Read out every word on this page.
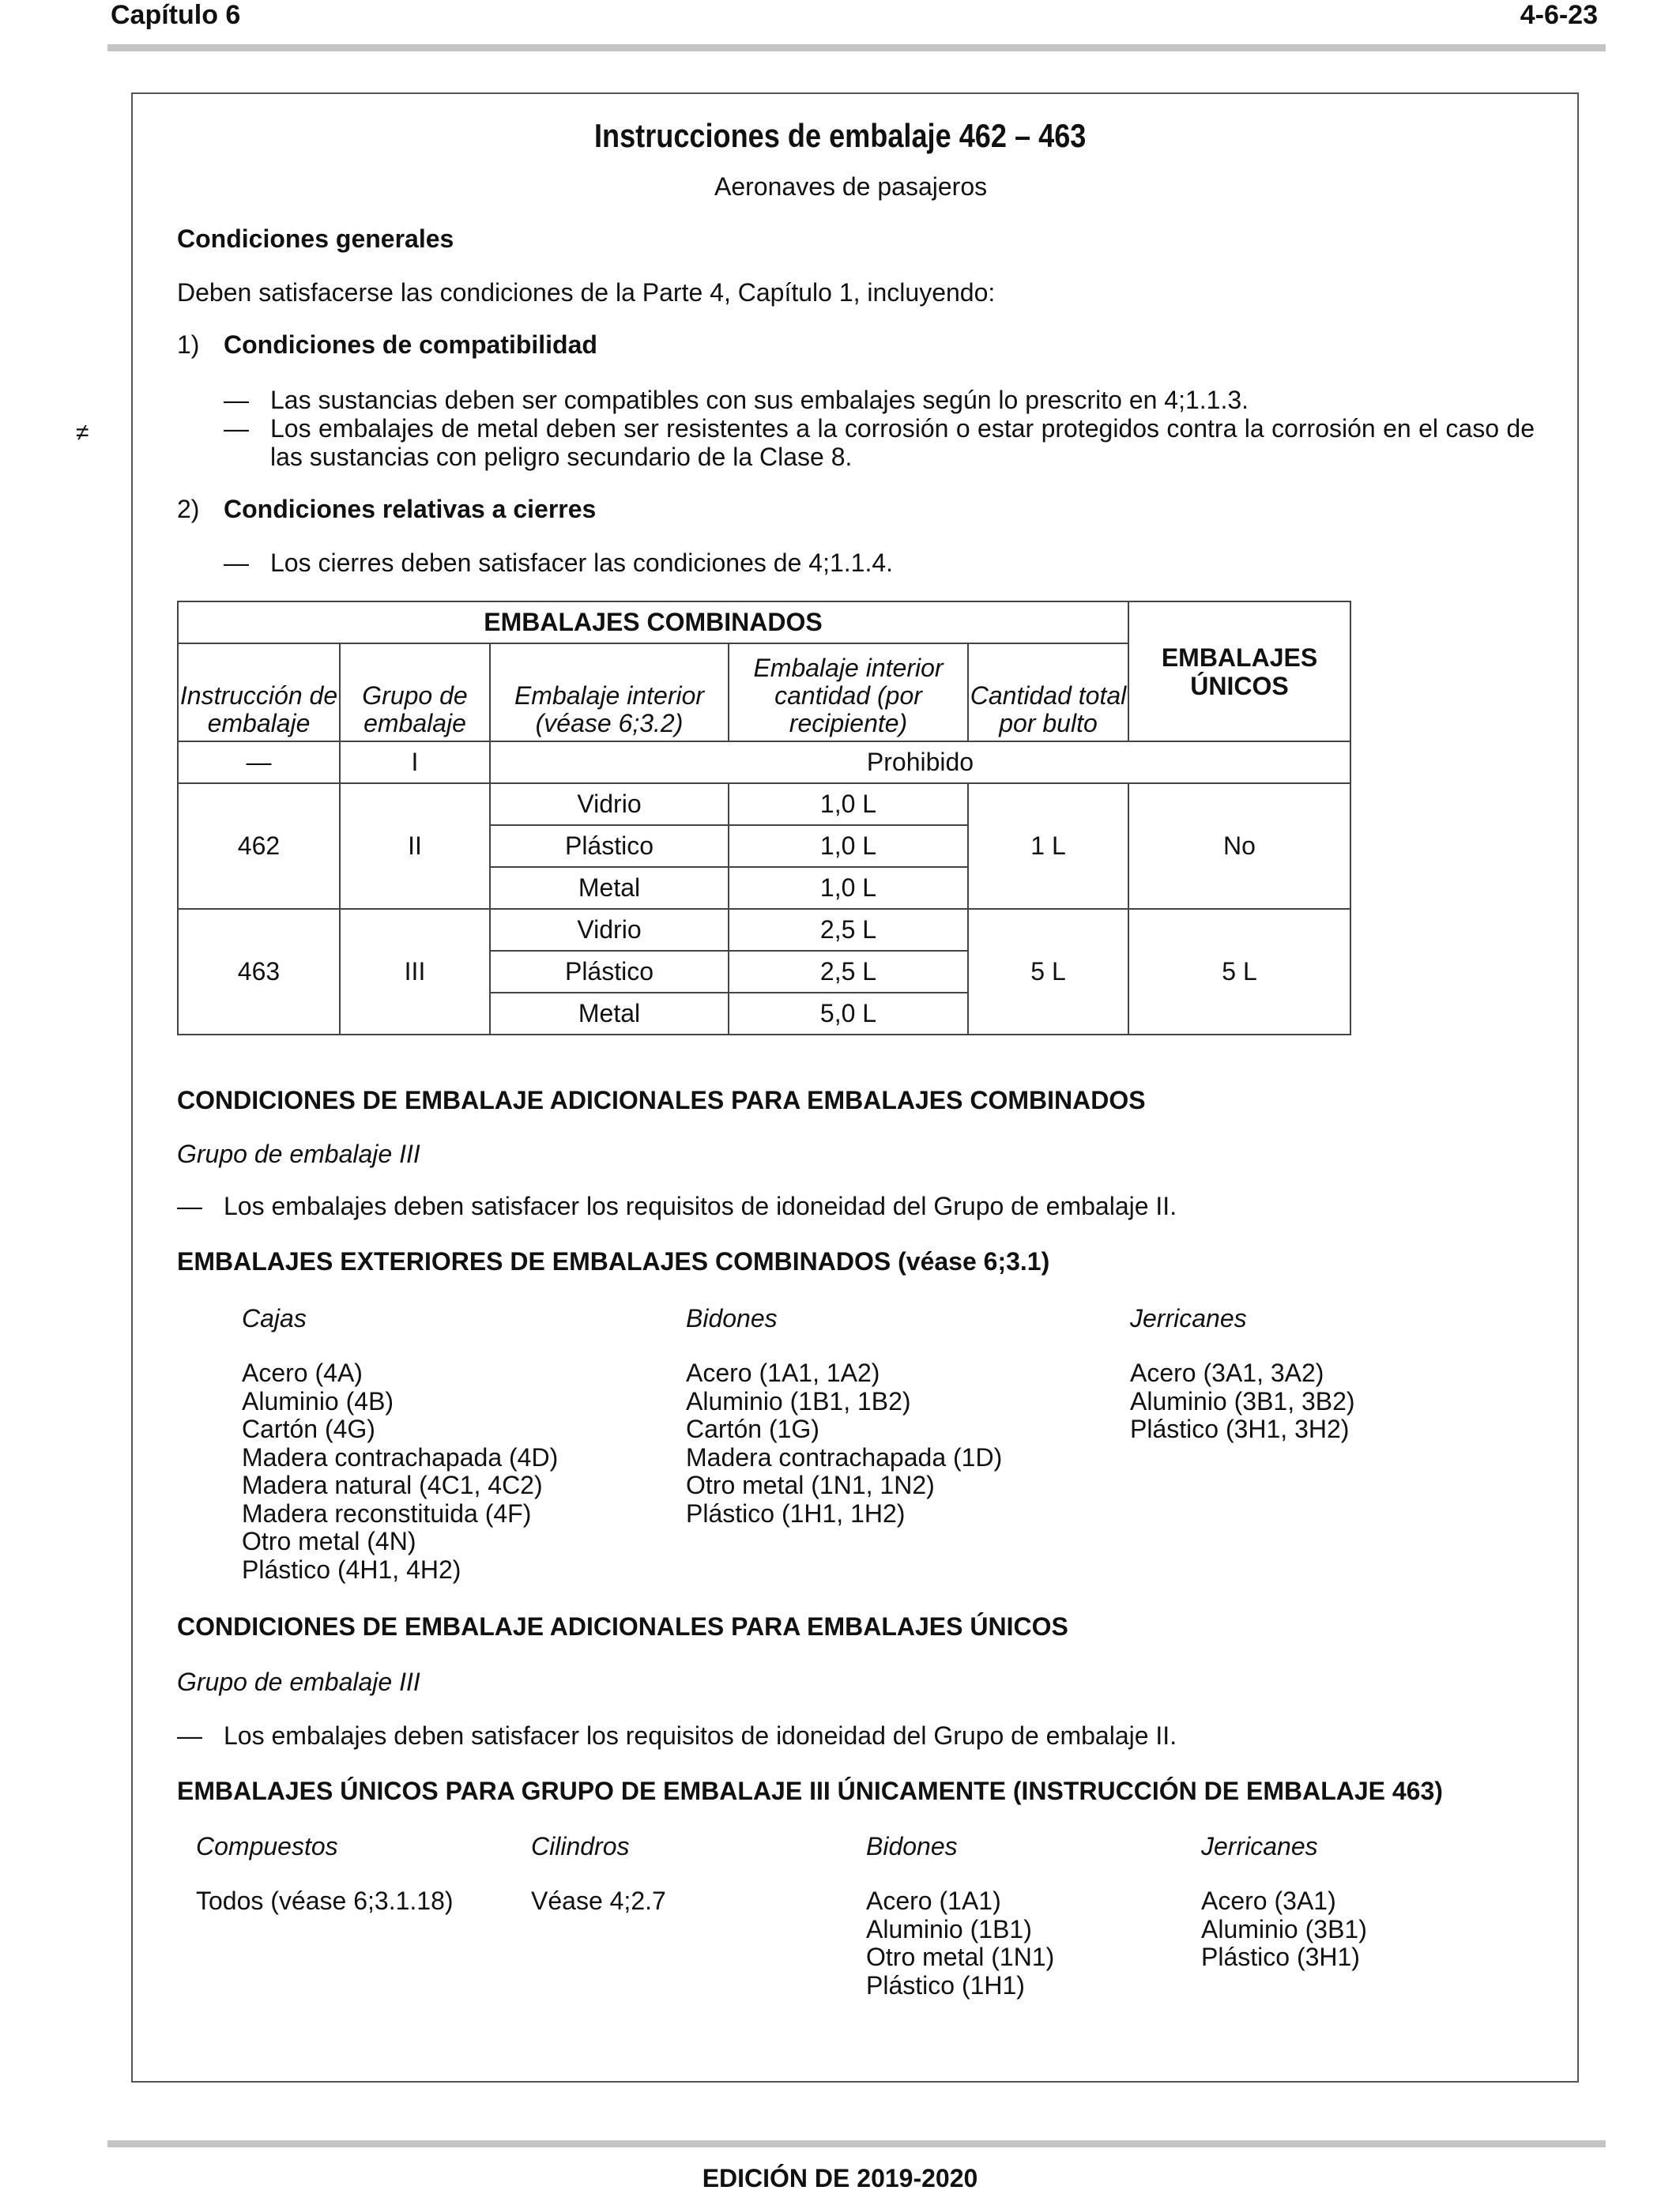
Capítulo 6	4-6-23
≠
Instrucciones de embalaje 462 – 463
Aeronaves de pasajeros
Condiciones generales
Deben satisfacerse las condiciones de la Parte 4, Capítulo 1, incluyendo:
1) Condiciones de compatibilidad
— Las sustancias deben ser compatibles con sus embalajes según lo prescrito en 4;1.1.3.
— Los embalajes de metal deben ser resistentes a la corrosión o estar protegidos contra la corrosión en el caso de las sustancias con peligro secundario de la Clase 8.
2) Condiciones relativas a cierres
— Los cierres deben satisfacer las condiciones de 4;1.1.4.
EMBALAJES COMBINADOS					EMBALAJES ÚNICOS
Instrucción de embalaje	Grupo de embalaje	Embalaje interior (véase 6;3.2)	Embalaje interior cantidad (por recipiente)	Cantidad total por bulto	
—	I	Prohibido			
462	II	Vidrio	1,0 L	1 L	No
		Plástico	1,0 L		
		Metal	1,0 L		
463	III	Vidrio	2,5 L	5 L	5 L
		Plástico	2,5 L		
		Metal	5,0 L		
CONDICIONES DE EMBALAJE ADICIONALES PARA EMBALAJES COMBINADOS
Grupo de embalaje III
— Los embalajes deben satisfacer los requisitos de idoneidad del Grupo de embalaje II.
EMBALAJES EXTERIORES DE EMBALAJES COMBINADOS (véase 6;3.1)
Cajas
Acero (4A)
Aluminio (4B)
Cartón (4G)
Madera contrachapada (4D)
Madera natural (4C1, 4C2)
Madera reconstituida (4F)
Otro metal (4N)
Plástico (4H1, 4H2)
Bidones
Acero (1A1, 1A2)
Aluminio (1B1, 1B2)
Cartón (1G)
Madera contrachapada (1D)
Otro metal (1N1, 1N2)
Plástico (1H1, 1H2)
Jerricanes
Acero (3A1, 3A2)
Aluminio (3B1, 3B2)
Plástico (3H1, 3H2)
CONDICIONES DE EMBALAJE ADICIONALES PARA EMBALAJES ÚNICOS
Grupo de embalaje III
— Los embalajes deben satisfacer los requisitos de idoneidad del Grupo de embalaje II.
EMBALAJES ÚNICOS PARA GRUPO DE EMBALAJE III ÚNICAMENTE (INSTRUCCIÓN DE EMBALAJE 463)
Compuestos
Todos (véase 6;3.1.18)
Cilindros
Véase 4;2.7
Bidones
Acero (1A1)
Aluminio (1B1)
Otro metal (1N1)
Plástico (1H1)
Jerricanes
Acero (3A1)
Aluminio (3B1)
Plástico (3H1)
EDICIÓN DE 2019-2020
